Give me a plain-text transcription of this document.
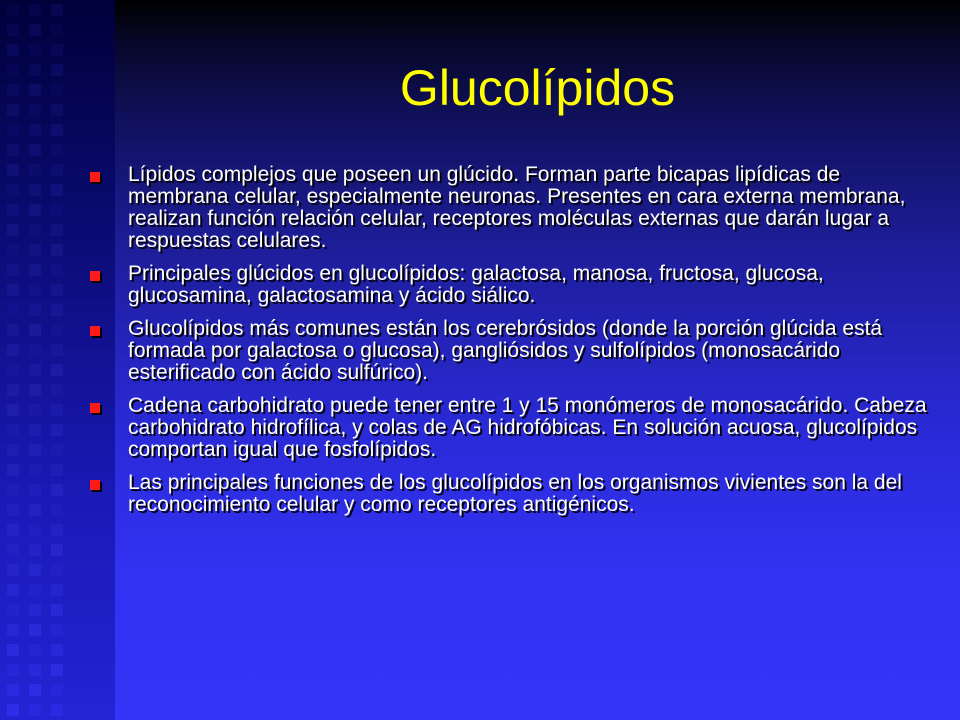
Glucolípidos
Lípidos complejos que poseen un glúcido. Forman parte bicapas lipídicas de membrana celular, especialmente neuronas. Presentes en cara externa membrana, realizan función relación celular, receptores moléculas externas que darán lugar a respuestas celulares.
Principales glúcidos en glucolípidos: galactosa, manosa, fructosa, glucosa, glucosamina, galactosamina y ácido siálico.
Glucolípidos más comunes están los cerebrósidos (donde la porción glúcida está formada por galactosa o glucosa), gangliósidos y sulfolípidos (monosacárido esterificado con ácido sulfúrico).
Cadena carbohidrato puede tener entre 1 y 15 monómeros de monosacárido. Cabeza carbohidrato hidrofílica, y colas de AG hidrofóbicas. En solución acuosa, glucolípidos comportan igual que fosfolípidos.
Las principales funciones de los glucolípidos en los organismos vivientes son la del reconocimiento celular y como receptores antigénicos.
